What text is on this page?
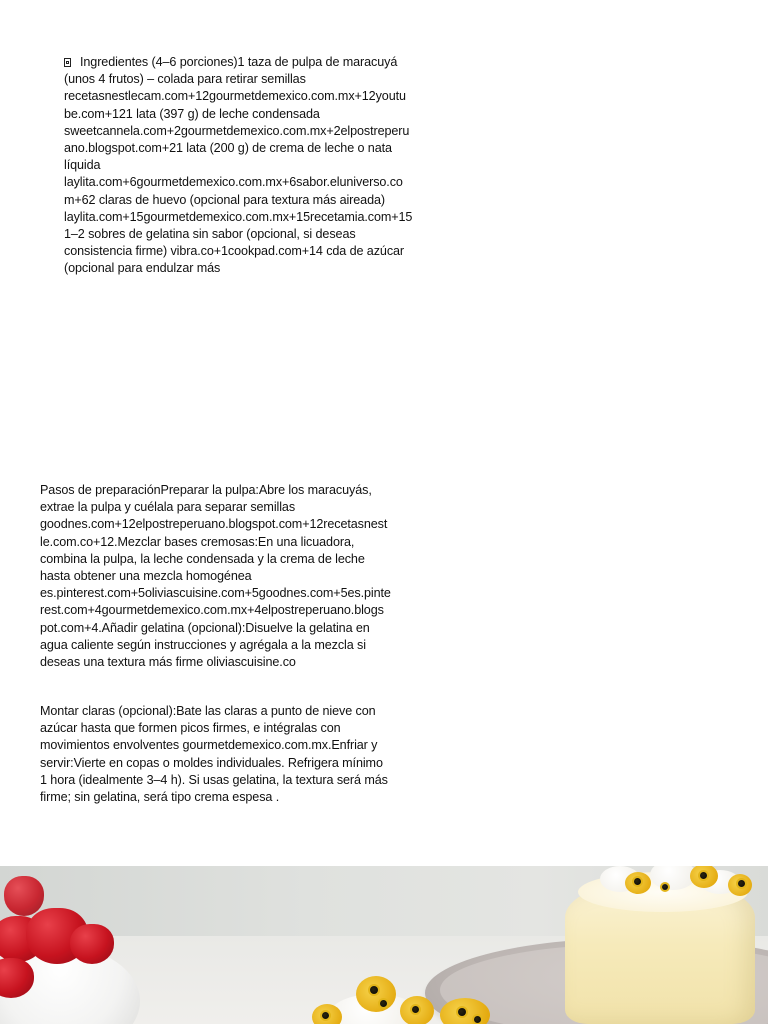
Ingredientes (4–6 porciones)1 taza de pulpa de maracuyá
(unos 4 frutos) – colada para retirar semillas
recetasnestlecam.com+12gourmetdemexico.com.mx+12youtu
be.com+121 lata (397 g) de leche condensada
sweetcannela.com+2gourmetdemexico.com.mx+2elpostreperu
ano.blogspot.com+21 lata (200 g) de crema de leche o nata
líquida
laylita.com+6gourmetdemexico.com.mx+6sabor.eluniverso.co
m+62 claras de huevo (opcional para textura más aireada)
laylita.com+15gourmetdemexico.com.mx+15recetamia.com+15
1–2 sobres de gelatina sin sabor (opcional, si deseas
consistencia firme) vibra.co+1cookpad.com+14 cda de azúcar
(opcional para endulzar más
Pasos de preparaciónPreparar la pulpa:Abre los maracuyás,
extrae la pulpa y cuélala para separar semillas
goodnes.com+12elpostreperuano.blogspot.com+12recetasnest
le.com.co+12.Mezclar bases cremosas:En una licuadora,
combina la pulpa, la leche condensada y la crema de leche
hasta obtener una mezcla homogénea
es.pinterest.com+5oliviascuisine.com+5goodnes.com+5es.pinte
rest.com+4gourmetdemexico.com.mx+4elpostreperuano.blogs
pot.com+4.Añadir gelatina (opcional):Disuelve la gelatina en
agua caliente según instrucciones y agrégala a la mezcla si
deseas una textura más firme oliviascuisine.co
Montar claras (opcional):Bate las claras a punto de nieve con
azúcar hasta que formen picos firmes, e intégralas con
movimientos envolventes gourmetdemexico.com.mx.Enfriar y
servir:Vierte en copas o moldes individuales. Refrigera mínimo
1 hora (idealmente 3–4 h). Si usas gelatina, la textura será más
firme; sin gelatina, será tipo crema espesa .
